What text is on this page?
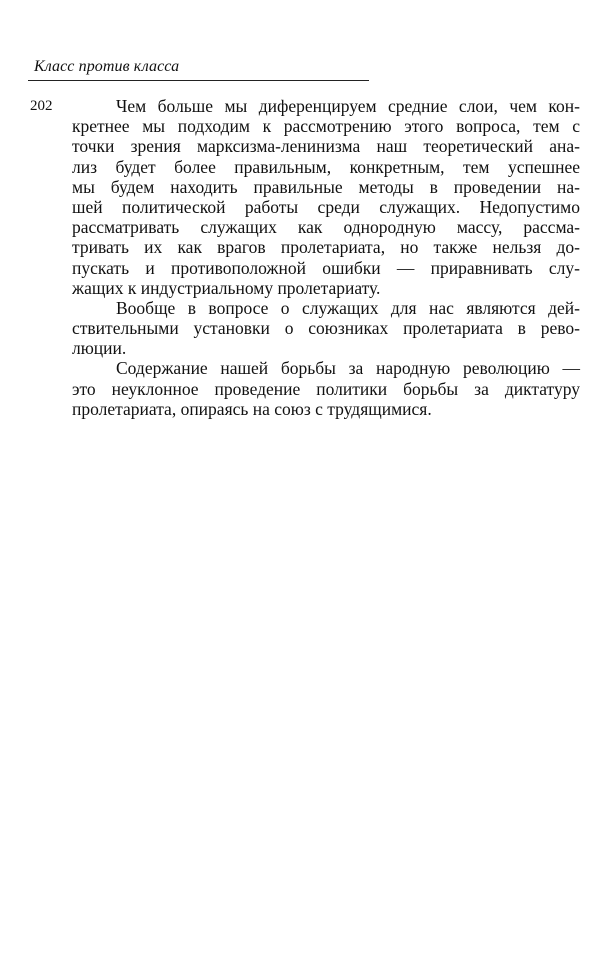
Класс против класса
202	Чем больше мы диференцируем средние слои, чем кон-
кретнее мы подходим к рассмотрению этого вопроса, тем с
точки зрения марксизма-ленинизма наш теоретический ана-
лиз будет более правильным, конкретным, тем успешнее
мы будем находить правильные методы в проведении на-
шей политической работы среди служащих. Недопустимо
рассматривать служащих как однородную массу, рассма-
тривать их как врагов пролетариата, но также нельзя до-
пускать и противоположной ошибки — приравнивать слу-
жащих к индустриальному пролетариату.
Вообще в вопросе о служащих для нас являются дей-
ствительными установки о союзниках пролетариата в рево-
люции.
Содержание нашей борьбы за народную революцию —
это неуклонное проведение политики борьбы за диктатуру
пролетариата, опираясь на союз с трудящимися.
